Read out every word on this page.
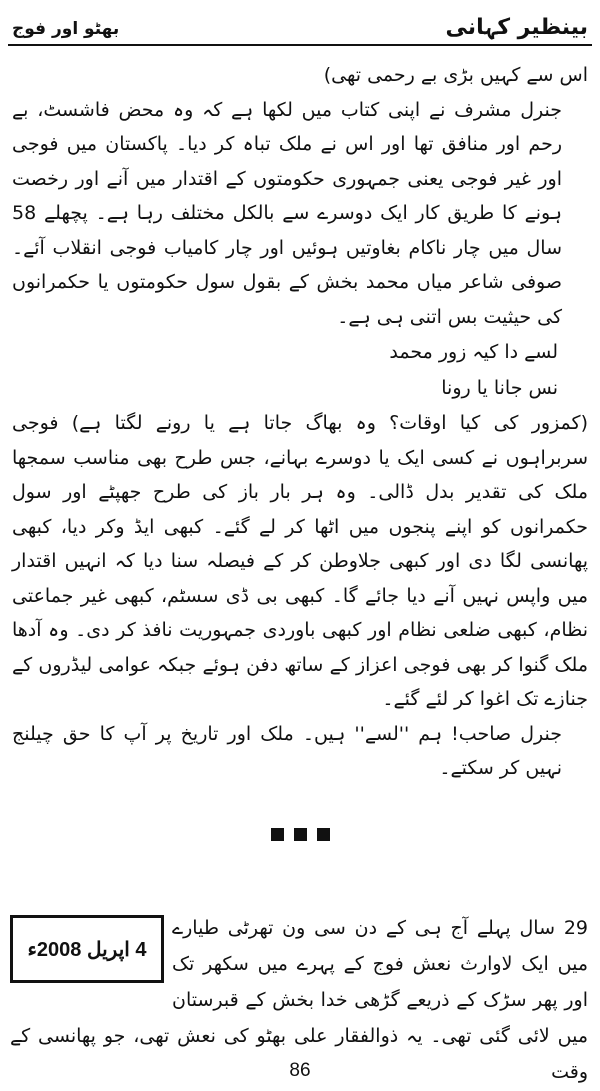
بھٹو اور فوج	بینظیر کہانی

اس سے کہیں بڑی بے رحمی تھی)

جنرل مشرف نے اپنی کتاب میں لکھا ہے کہ وہ محض فاشسٹ، بے رحم اور منافق تھا اور اس نے ملک تباہ کر دیا۔ پاکستان میں فوجی اور غیر فوجی یعنی جمہوری حکومتوں کے اقتدار میں آنے اور رخصت ہونے کا طریق کار ایک دوسرے سے بالکل مختلف رہا ہے۔ پچھلے 58 سال میں چار ناکام بغاوتیں ہوئیں اور چار کامیاب فوجی انقلاب آئے۔ صوفی شاعر میاں محمد بخش کے بقول سول حکومتوں یا حکمرانوں کی حیثیت بس اتنی ہی ہے۔

لسے دا کیہ زور محمد

نس جانا یا رونا

(کمزور کی کیا اوقات؟ وہ بھاگ جاتا ہے یا رونے لگتا ہے) فوجی سربراہوں نے کسی ایک یا دوسرے بہانے، جس طرح بھی مناسب سمجھا ملک کی تقدیر بدل ڈالی۔ وہ ہر بار باز کی طرح جھپٹے اور سول حکمرانوں کو اپنے پنجوں میں اٹھا کر لے گئے۔ کبھی ایڈ وکر دیا، کبھی پھانسی لگا دی اور کبھی جلاوطن کر کے فیصلہ سنا دیا کہ انہیں اقتدار میں واپس نہیں آنے دیا جائے گا۔ کبھی بی ڈی سسٹم، کبھی غیر جماعتی نظام، کبھی ضلعی نظام اور کبھی باوردی جمہوریت نافذ کر دی۔ وہ آدھا ملک گنوا کر بھی فوجی اعزاز کے ساتھ دفن ہوئے جبکہ عوامی لیڈروں کے جنازے تک اغوا کر لئے گئے۔

جنرل صاحب! ہم ''لسے'' ہیں۔ ملک اور تاریخ پر آپ کا حق چیلنج نہیں کر سکتے۔

4 اپریل 2008ء

29 سال پہلے آج ہی کے دن سی ون تھرٹی طیارے میں ایک لاوارث نعش فوج کے پہرے میں سکھر تک اور پھر سڑک کے ذریعے گڑھی خدا بخش کے قبرستان میں لائی گئی تھی۔ یہ ذوالفقار علی بھٹو کی نعش تھی، جو پھانسی کے وقت

86
